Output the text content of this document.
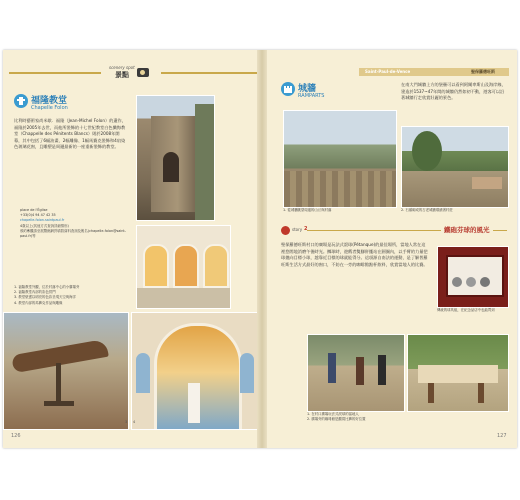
scenery spot
景點
福隆教堂
Chapelle Folon
比利時藝術家尚米歇．福隆（Jean-Michel Folon）的遺作，福隆於2005年去世，而他所裝飾的十七世紀教堂白色懺悔教堂（Chappelle des Pénitents Blancs）則於2008年開幕，其中包括了6幅油畫、2幅雕像、1幅馬賽克裝飾和4扇染色玻璃花窗，且雕塑是周邊最新的一座重新裝飾的教堂。
place de l'Église
+33(0)4 94 47 42 35
chapelle-folon.saintpaul.fr
4歲以上(其他方式查詢詳細情形)
預約參觀請至展覽館網頁填寫資料查詢及報名(chapelle-folon@saint-paul.fr)等
1. 福隆教堂外觀，位於村落中心的小廣場旁
2. 福隆教堂內部的彩色拱門
3. 教堂壁畫以明亮的色彩呈現天空與海洋
4. 教堂內部的馬賽克作品與雕像
3 4
126
Saint-Paul-de-Vence	聖保羅德旺斯
城牆
RAMPARTS
在南大門城牆上方的堡壘可以看到阿爾卑斯山及海岸線，建造於1537~47年間的城牆仍然如初不動，遊客可以沿著城牆行走欣賞壯麗的景色。
1. 從城牆眺望周邊的山丘與村落	2. 石頭砌成的古老城牆環繞著村莊
story 2	鐵砲芬球的風光
聖保羅德旺斯村口的廣場是玩法式滾球(Pétanque)的最佳場所，當地人常在這裡悠閒地消磨午後時光。擲球時，遊戲者雙腳併攏站在圓圈內，以手臂的力量把球拋向目標小球，越靠近目標的球就能得分。這項源自南法的運動，是了解普羅旺斯生活方式最好的窗口，不妨在一旁的咖啡館點杯飲料，欣賞當地人的比賽。
傳統的球具組，在紀念品店中也能買到
1. 在村口廣場玩法式滾球的當地人
2. 廣場旁的咖啡館是觀賞比賽的好位置
127
